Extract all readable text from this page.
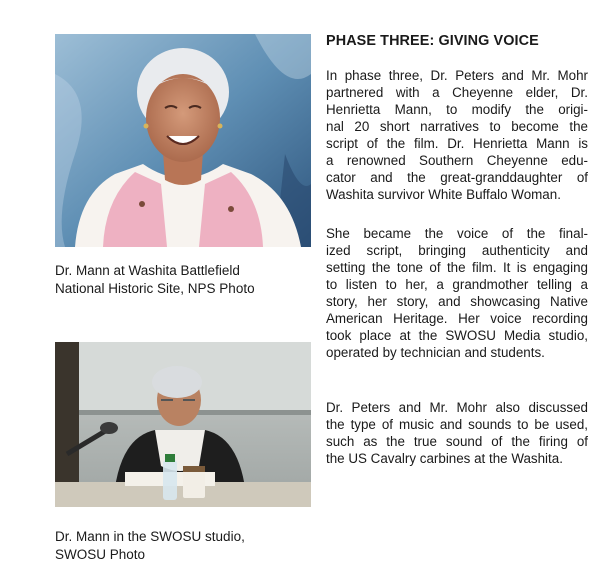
Dr. Mann at Washita Battlefield
National Historic Site, NPS Photo
Dr. Mann in the SWOSU studio,
SWOSU Photo
PHASE THREE: GIVING VOICE
In phase three, Dr. Peters and Mr. Mohr
partnered with a Cheyenne elder, Dr.
Henrietta Mann, to modify the origi-
nal 20 short narratives to become the
script of the film. Dr. Henrietta Mann is
a renowned Southern Cheyenne edu-
cator and the great-granddaughter of
Washita survivor White Buffalo Woman.
She became the voice of the final-
ized script, bringing authenticity and
setting the tone of the film. It is engaging
to listen to her, a grandmother telling a
story, her story, and showcasing Native
American Heritage. Her voice recording
took place at the SWOSU Media studio,
operated by technician and students.
Dr. Peters and Mr. Mohr also discussed
the type of music and sounds to be used,
such as the true sound of the firing of
the US Cavalry carbines at the Washita.
